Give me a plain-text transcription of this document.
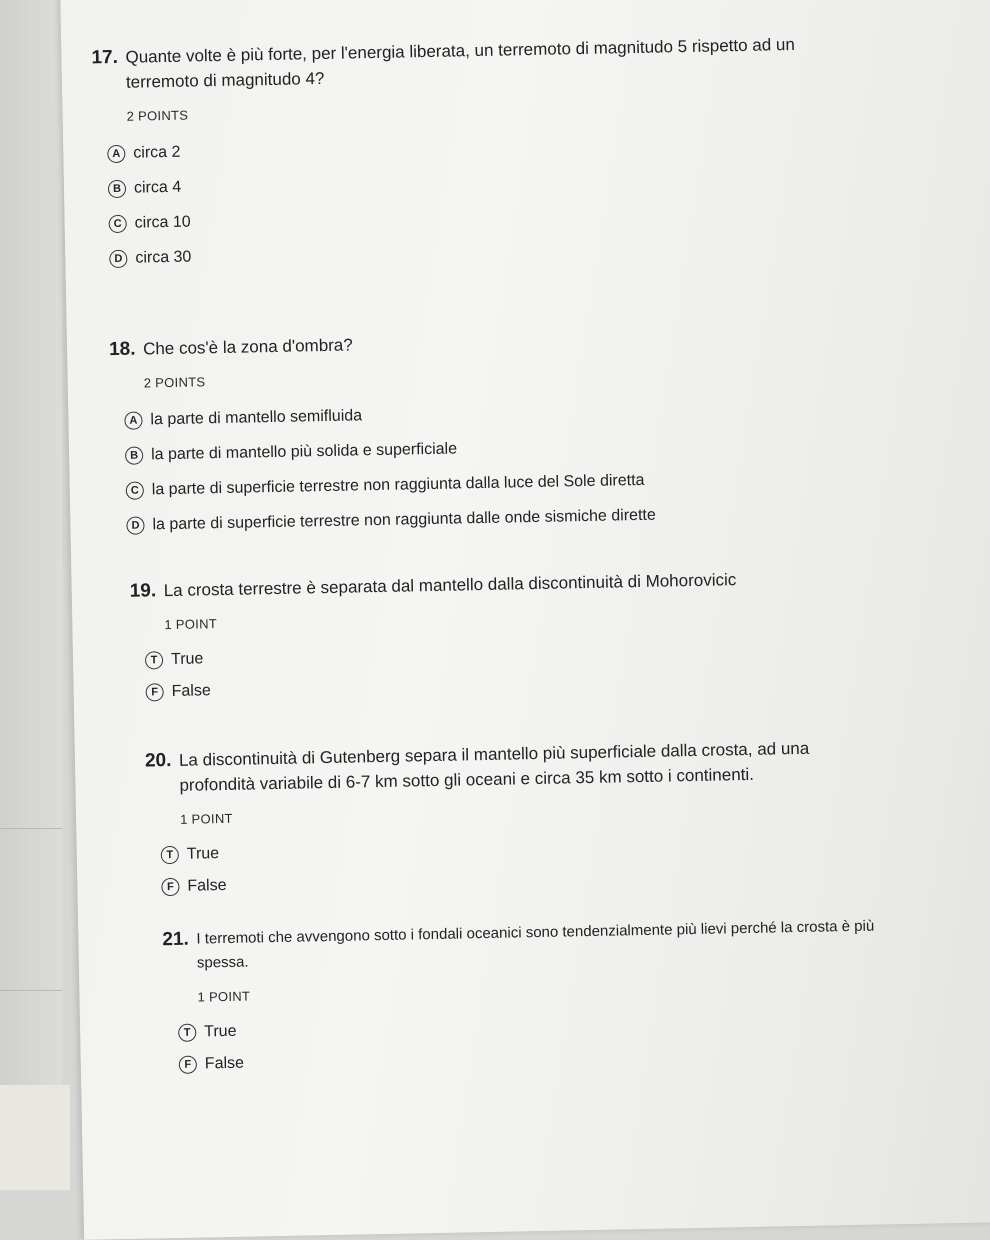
17. Quante volte è più forte, per l'energia liberata, un terremoto di magnitudo 5 rispetto ad un terremoto di magnitudo 4?
2 POINTS
A circa 2
B circa 4
C circa 10
D circa 30
18. Che cos'è la zona d'ombra?
2 POINTS
A la parte di mantello semifluida
B la parte di mantello più solida e superficiale
C la parte di superficie terrestre non raggiunta dalla luce del Sole diretta
D la parte di superficie terrestre non raggiunta dalle onde sismiche dirette
19. La crosta terrestre è separata dal mantello dalla discontinuità di Mohorovicic
1 POINT
T True
F False
20. La discontinuità di Gutenberg separa il mantello più superficiale dalla crosta, ad una profondità variabile di 6-7 km sotto gli oceani e circa 35 km sotto i continenti.
1 POINT
T True
F False
21. I terremoti che avvengono sotto i fondali oceanici sono tendenzialmente più lievi perché la crosta è più spessa.
1 POINT
T True
F False
